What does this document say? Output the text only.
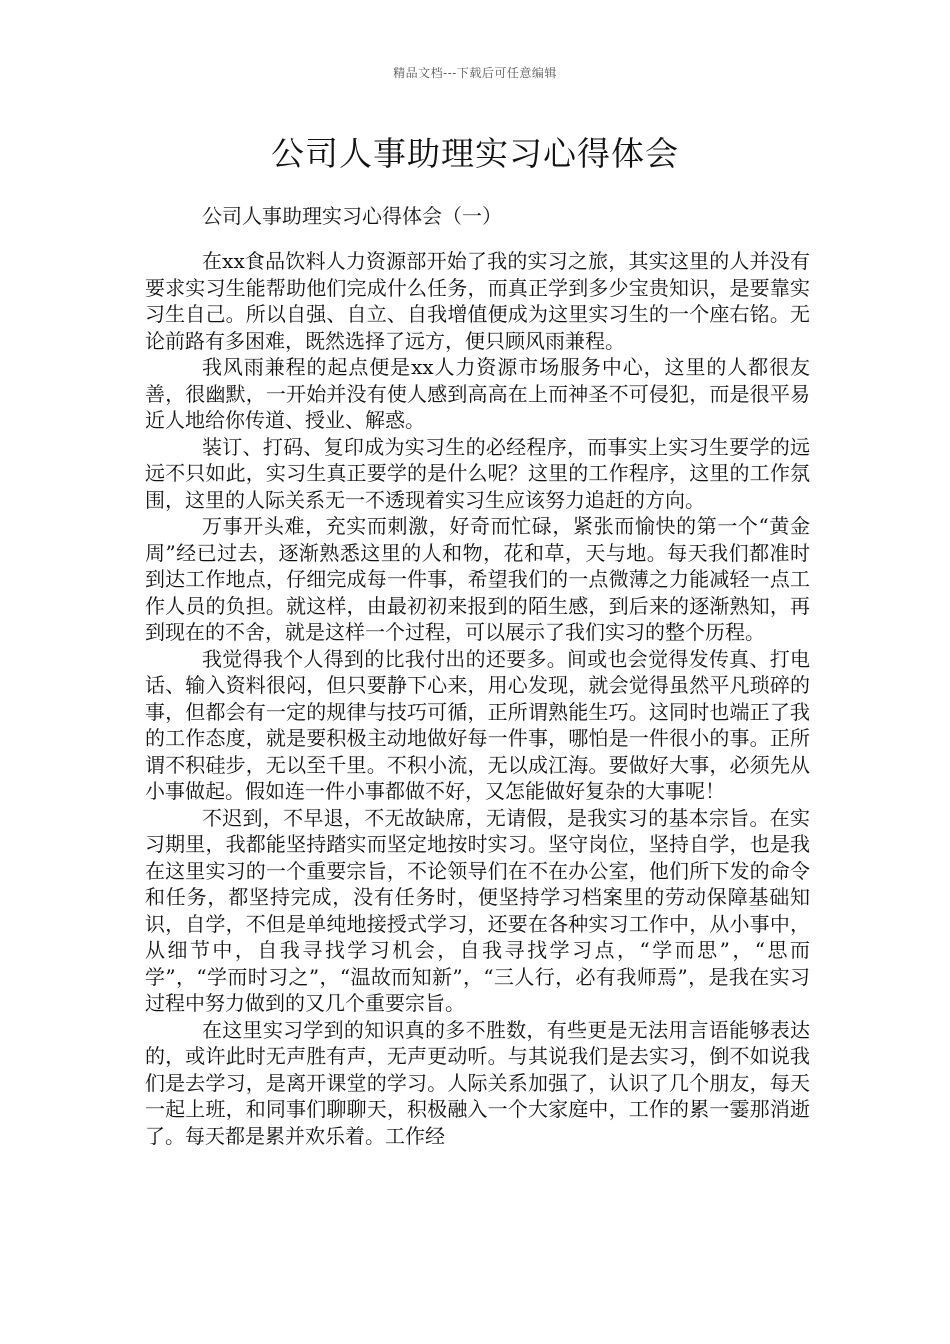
精品文档---下载后可任意编辑
公司人事助理实习心得体会

公司人事助理实习心得体会（一）

在xx食品饮料人力资源部开始了我的实习之旅，其实这里的人并没有要求实习生能帮助他们完成什么任务，而真正学到多少宝贵知识，是要靠实习生自己。所以自强、自立、自我增值便成为这里实习生的一个座右铭。无论前路有多困难，既然选择了远方，便只顾风雨兼程。

我风雨兼程的起点便是xx人力资源市场服务中心，这里的人都很友善，很幽默，一开始并没有使人感到高高在上而神圣不可侵犯，而是很平易近人地给你传道、授业、解惑。

装订、打码、复印成为实习生的必经程序，而事实上实习生要学的远远不只如此，实习生真正要学的是什么呢？这里的工作程序，这里的工作氛围，这里的人际关系无一不透现着实习生应该努力追赶的方向。

万事开头难，充实而刺激，好奇而忙碌，紧张而愉快的第一个“黄金周”经已过去，逐渐熟悉这里的人和物，花和草，天与地。每天我们都准时到达工作地点，仔细完成每一件事，希望我们的一点微薄之力能减轻一点工作人员的负担。就这样，由最初初来报到的陌生感，到后来的逐渐熟知，再到现在的不舍，就是这样一个过程，可以展示了我们实习的整个历程。

我觉得我个人得到的比我付出的还要多。间或也会觉得发传真、打电话、输入资料很闷，但只要静下心来，用心发现，就会觉得虽然平凡琐碎的事，但都会有一定的规律与技巧可循，正所谓熟能生巧。这同时也端正了我的工作态度，就是要积极主动地做好每一件事，哪怕是一件很小的事。正所谓不积硅步，无以至千里。不积小流，无以成江海。要做好大事，必须先从小事做起。假如连一件小事都做不好，又怎能做好复杂的大事呢！

不迟到，不早退，不无故缺席，无请假，是我实习的基本宗旨。在实习期里，我都能坚持踏实而坚定地按时实习。坚守岗位，坚持自学，也是我在这里实习的一个重要宗旨，不论领导们在不在办公室，他们所下发的命令和任务，都坚持完成，没有任务时，便坚持学习档案里的劳动保障基础知识，自学，不但是单纯地接授式学习，还要在各种实习工作中，从小事中，从细节中，自我寻找学习机会，自我寻找学习点，“学而思”，“思而学”，“学而时习之”，“温故而知新”，“三人行，必有我师焉”，是我在实习过程中努力做到的又几个重要宗旨。

在这里实习学到的知识真的多不胜数，有些更是无法用言语能够表达的，或许此时无声胜有声，无声更动听。与其说我们是去实习，倒不如说我们是去学习，是离开课堂的学习。人际关系加强了，认识了几个朋友，每天一起上班，和同事们聊聊天，积极融入一个大家庭中，工作的累一霎那消逝了。每天都是累并欢乐着。工作经
